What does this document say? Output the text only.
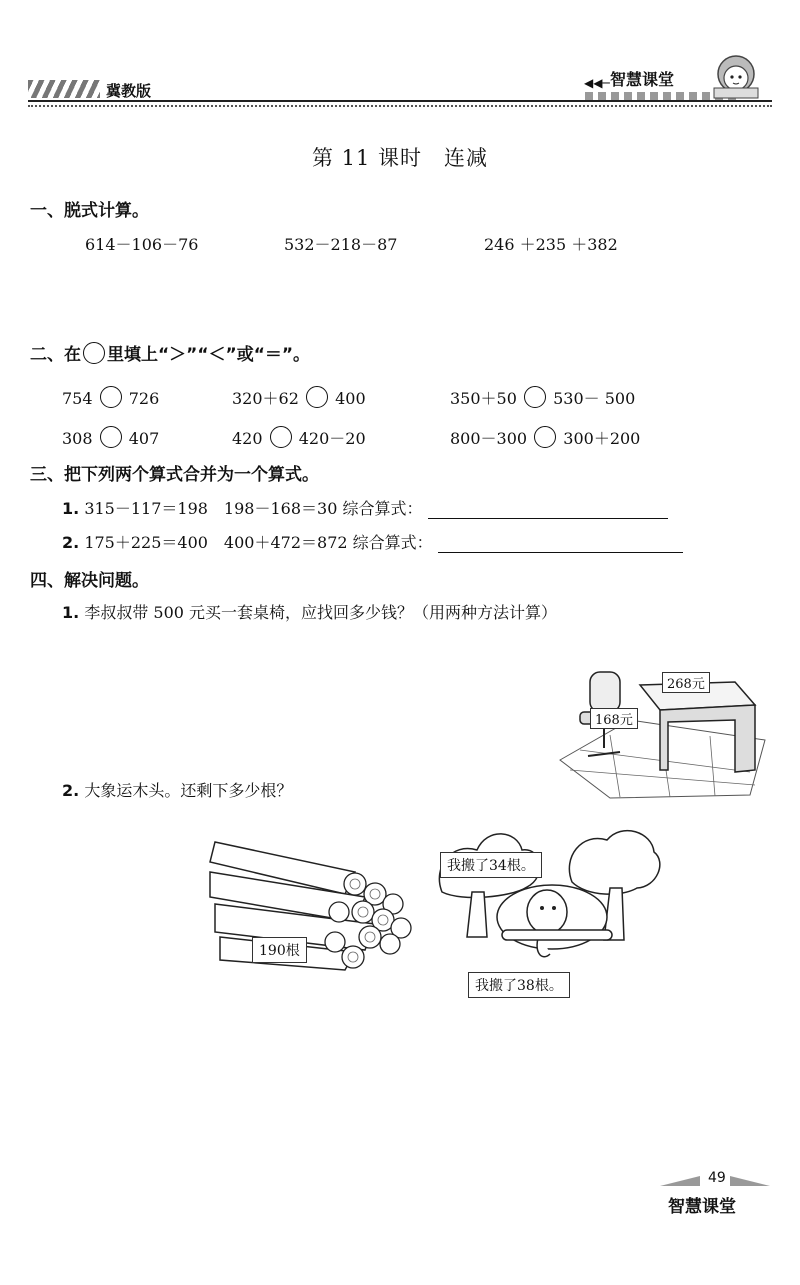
冀教版	◀◀─ 智慧课堂
第 11 课时　连减
一、脱式计算。
614－106－76	532－218－87	246 ＋235 ＋382
二、在 里填上“＞”“＜”或“＝”。
754 726	320＋62 400	350＋50 530－ 500
308 407	420 420－20	800－300 300＋200
三、把下列两个算式合并为一个算式。
1. 315－117＝198　198－168＝30 综合算式：
2. 175＋225＝400　400＋472＝872 综合算式：
四、解决问题。
1. 李叔叔带 500 元买一套桌椅，应找回多少钱？（用两种方法计算）
268元
168元
2. 大象运木头。还剩下多少根？
190根
我搬了34根。
我搬了38根。
49
智慧课堂
